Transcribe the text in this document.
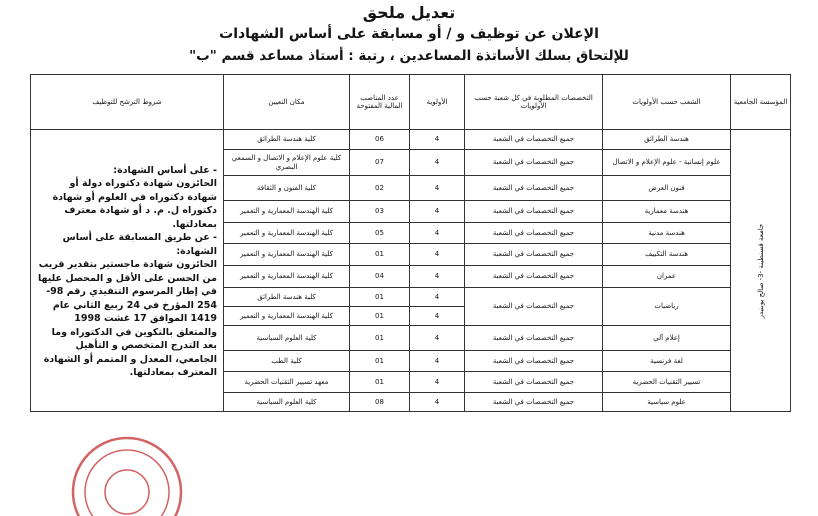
تعديل ملحق
الإعلان عن توظيف و / أو مسابقة على أساس الشهادات
للإلتحاق بسلك الأساتذة المساعدين ، رتبة : أستاذ مساعد قسم "ب"
المؤسسة الجامعية	الشعب حسب الأولويات	التخصصات المطلوبة في كل شعبة حسب الأولويات	الأولوية	عدد المناصب المالية المفتوحة	مكان التعيين	شروط الترشح للتوظيف

جامعة قسنطينة -3- صالح بوبنيدر	هندسة الطرائق	جميع التخصصات في الشعبة	4	06	كلية هندسة الطرائق	- على أساس الشهادة:
الحائزون شهادة دكتوراه دولة أو شهادة دكتوراه في العلوم أو شهادة دكتوراه ل. م. د أو شهادة معترف بمعادلتها.
- عن طريق المسابقة على أساس الشهادة:
الحائزون شهادة ماجستير بتقدير قريب من الحسن على الأقل و المحصل عليها في إطار المرسوم التنفيذي رقم 98-254 المؤرخ في 24 ربيع الثاني عام 1419 الموافق 17 غشت 1998 والمتعلق بالتكوين في الدكتوراه وما بعد التدرج المتخصص و التأهيل الجامعي، المعدل و المتمم أو الشهادة المعترف بمعادلتها.

	علوم إنسانية - علوم الإعلام و الاتصال	جميع التخصصات في الشعبة	4	07	كلية علوم الإعلام و الاتصال و السمعي البصري	
	فنون العرض	جميع التخصصات في الشعبة	4	02	كلية الفنون و الثقافة	
	هندسة معمارية	جميع التخصصات في الشعبة	4	03	كلية الهندسة المعمارية و التعمير	
	هندسة مدنية	جميع التخصصات في الشعبة	4	05	كلية الهندسة المعمارية و التعمير	
	هندسة التكييف	جميع التخصصات في الشعبة	4	01	كلية الهندسة المعمارية و التعمير	
	عمران	جميع التخصصات في الشعبة	4	04	كلية الهندسة المعمارية و التعمير	
	رياضيات	جميع التخصصات في الشعبة	4	01	كلية هندسة الطرائق	
			4	01	كلية الهندسة المعمارية و التعمير	
	إعلام آلي	جميع التخصصات في الشعبة	4	01	كلية العلوم السياسية	
	لغة فرنسية	جميع التخصصات في الشعبة	4	01	كلية الطب	
	تسيير التقنيات الحضرية	جميع التخصصات في الشعبة	4	01	معهد تسيير التقنيات الحضرية	
	علوم سياسية	جميع التخصصات في الشعبة	4	08	كلية العلوم السياسية	
